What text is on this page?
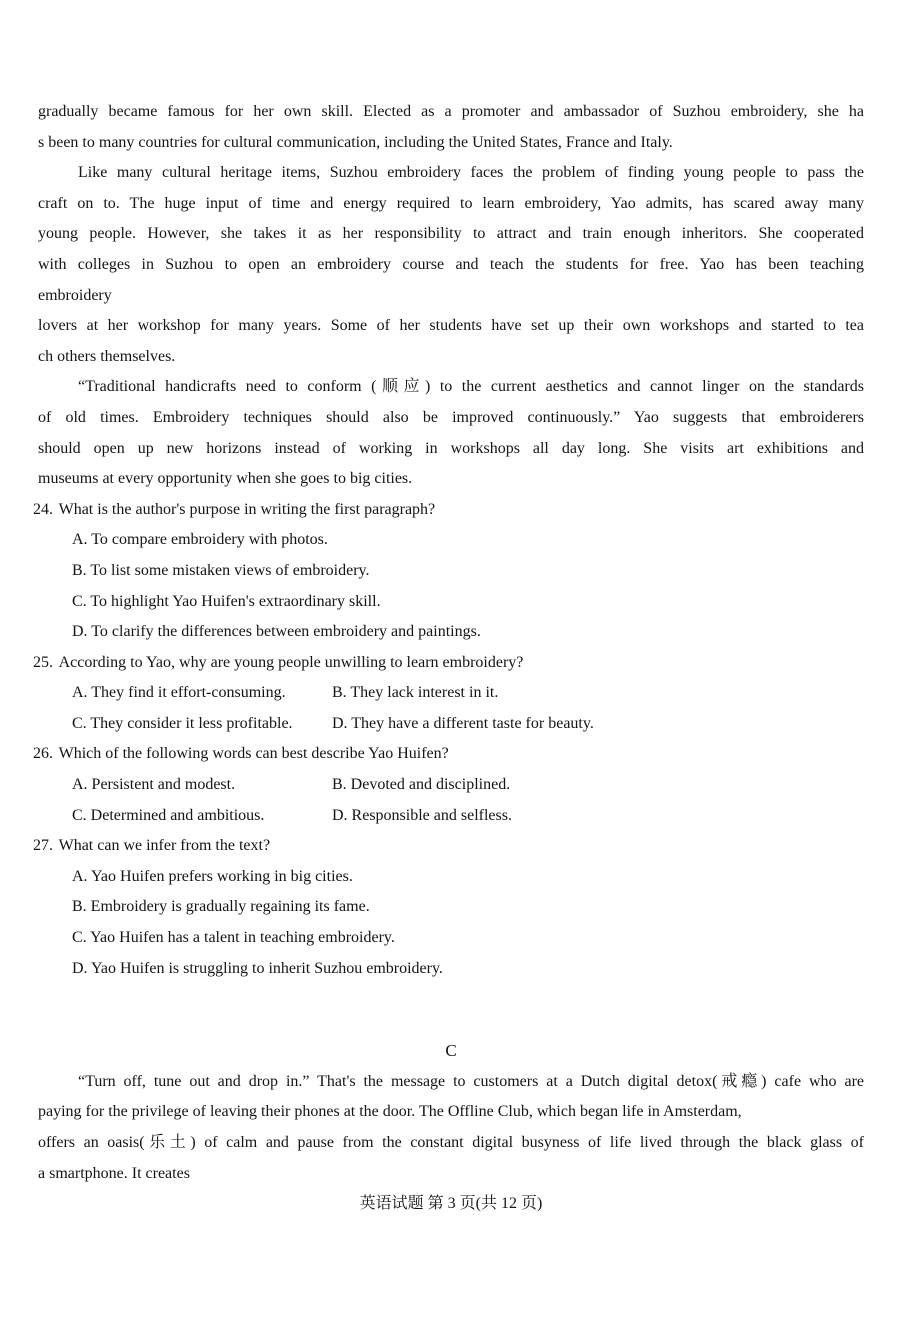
gradually became famous for her own skill. Elected as a promoter and ambassador of Suzhou embroidery, she ha
s been to many countries for cultural communication, including the United States, France and Italy.
Like many cultural heritage items, Suzhou embroidery faces the problem of finding young people to pass the
craft on to. The huge input of time and energy required to learn embroidery, Yao admits, has scared away many
young people. However, she takes it as her responsibility to attract and train enough inheritors. She cooperated
with colleges in Suzhou to open an embroidery course and teach the students for free. Yao has been teaching
embroidery
lovers at her workshop for many years. Some of her students have set up their own workshops and started to tea
ch others themselves.
“Traditional handicrafts need to conform (顺应) to the current aesthetics and cannot linger on the standards
of old times. Embroidery techniques should also be improved continuously.” Yao suggests that embroiderers
should open up new horizons instead of working in workshops all day long. She visits art exhibitions and
museums at every opportunity when she goes to big cities.
24. What is the author's purpose in writing the first paragraph?
A. To compare embroidery with photos.
B. To list some mistaken views of embroidery.
C. To highlight Yao Huifen's extraordinary skill.
D. To clarify the differences between embroidery and paintings.
25. According to Yao, why are young people unwilling to learn embroidery?
A. They find it effort-consuming.	B. They lack interest in it.
C. They consider it less profitable. D. They have a different taste for beauty.
26. Which of the following words can best describe Yao Huifen?
A. Persistent and modest.	B. Devoted and disciplined.
C. Determined and ambitious.	D. Responsible and selfless.
27. What can we infer from the text?
A. Yao Huifen prefers working in big cities.
B. Embroidery is gradually regaining its fame.
C. Yao Huifen has a talent in teaching embroidery.
D. Yao Huifen is struggling to inherit Suzhou embroidery.
C
“Turn off, tune out and drop in.” That's the message to customers at a Dutch digital detox(戒瘾) cafe who are
paying for the privilege of leaving their phones at the door. The Offline Club, which began life in Amsterdam,
offers an oasis(乐土) of calm and pause from the constant digital busyness of life lived through the black glass of
a smartphone. It creates
英语试题 第 3 页(共 12 页)
